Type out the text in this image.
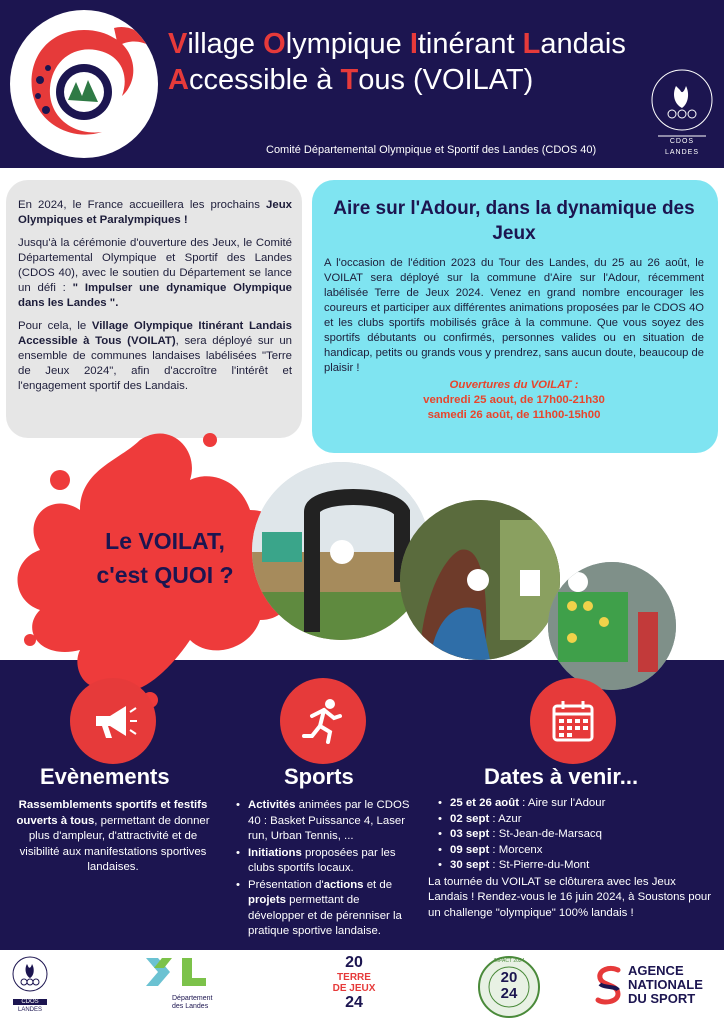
Village Olympique Itinérant Landais
Accessible à Tous (VOILAT)
Comité Départemental Olympique et Sportif des Landes (CDOS 40)
CDOS
LANDES

En 2024, le France accueillera les prochains Jeux Olympiques et Paralympiques !

Jusqu'à la cérémonie d'ouverture des Jeux, le Comité Départemental Olympique et Sportif des Landes (CDOS 40), avec le soutien du Département se lance un défi : " Impulser une dynamique Olympique dans les Landes ".

Pour cela, le Village Olympique Itinérant Landais Accessible à Tous (VOILAT), sera déployé sur un ensemble de communes landaises labélisées "Terre de Jeux 2024", afin d'accroître l'intérêt et l'engagement sportif des Landais.

Aire sur l'Adour, dans la dynamique des Jeux
A l'occasion de l'édition 2023 du Tour des Landes, du 25 au 26 août, le VOILAT sera déployé sur la commune d'Aire sur l'Adour, récemment labélisée Terre de Jeux 2024. Venez en grand nombre encourager les coureurs et participer aux différentes animations proposées par le CDOS 4O et les clubs sportifs mobilisés grâce à la commune. Que vous soyez des sportifs débutants ou confirmés, personnes valides ou en situation de handicap, petits ou grands vous y prendrez, sans aucun doute, beaucoup de plaisir !
Ouvertures du VOILAT :
vendredi 25 aout, de 17h00-21h30
samedi 26 août, de 11h00-15h00
Le VOILAT,
c'est QUOI ?
Evènements	Sports	Dates à venir...
Rassemblements sportifs et festifs ouverts à tous, permettant de donner plus d'ampleur, d'attractivité et de visibilité aux manifestations sportives landaises.
• Activités animées par le CDOS 40 : Basket Puissance 4, Laser run, Urban Tennis, ...
• Initiations proposées par les clubs sportifs locaux.
• Présentation d'actions et de projets permettant de développer et de pérenniser la pratique sportive landaise.
• 25 et 26 août : Aire sur l'Adour
• 02 sept : Azur
• 03 sept : St-Jean-de-Marsacq
• 09 sept : Morcenx
• 30 sept : St-Pierre-du-Mont
La tournée du VOILAT se clôturera avec les Jeux Landais ! Rendez-vous le 16 juin 2024, à Soustons pour un challenge "olympique" 100% landais !
CDOS
LANDES
Département des Landes
20
TERRE
DE JEUX
24
20
24
IMPACT 2024
AGENCE
NATIONALE
DU SPORT
